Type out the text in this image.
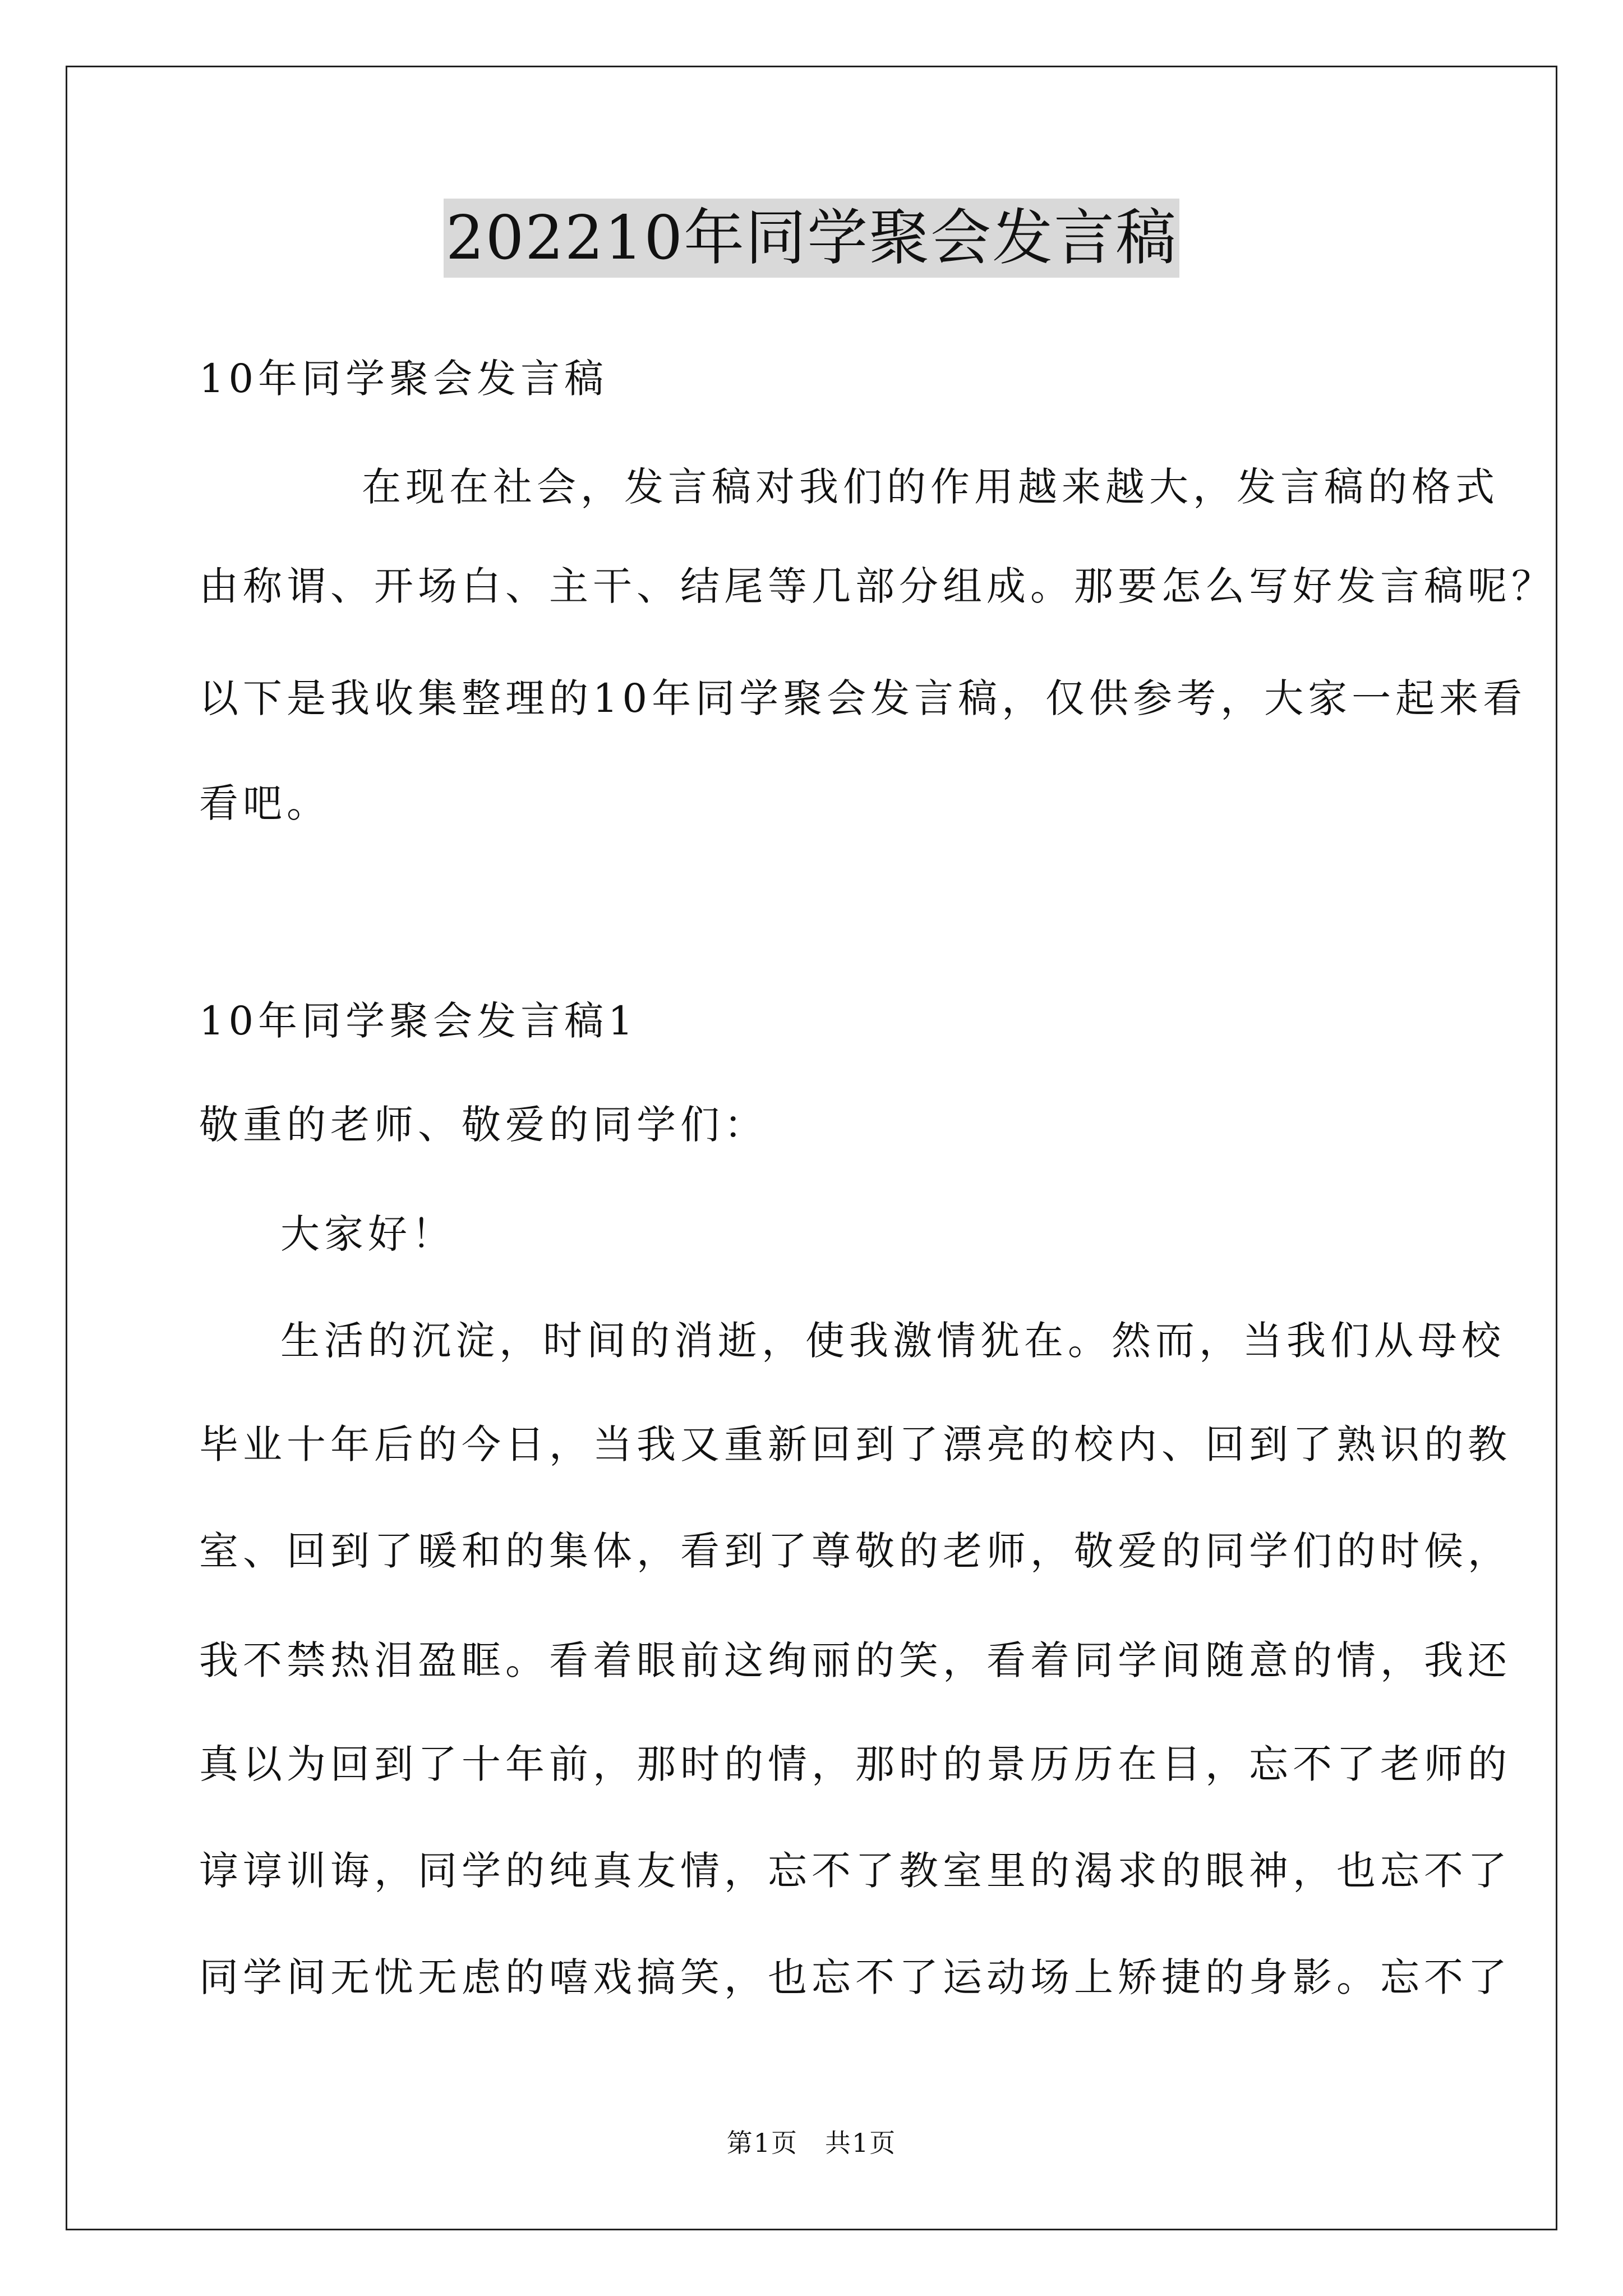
202210年同学聚会发言稿
10年同学聚会发言稿
在现在社会，发言稿对我们的作用越来越大，发言稿的格式
由称谓、开场白、主干、结尾等几部分组成。那要怎么写好发言稿呢？
以下是我收集整理的10年同学聚会发言稿，仅供参考，大家一起来看
看吧。
10年同学聚会发言稿1
敬重的老师、敬爱的同学们：
大家好！
生活的沉淀，时间的消逝，使我激情犹在。然而，当我们从母校
毕业十年后的今日，当我又重新回到了漂亮的校内、回到了熟识的教
室、回到了暖和的集体，看到了尊敬的老师，敬爱的同学们的时候，
我不禁热泪盈眶。看着眼前这绚丽的笑，看着同学间随意的情，我还
真以为回到了十年前，那时的情，那时的景历历在目，忘不了老师的
谆谆训诲，同学的纯真友情，忘不了教室里的渴求的眼神，也忘不了
同学间无忧无虑的嘻戏搞笑，也忘不了运动场上矫捷的身影。忘不了
第1页　共1页
